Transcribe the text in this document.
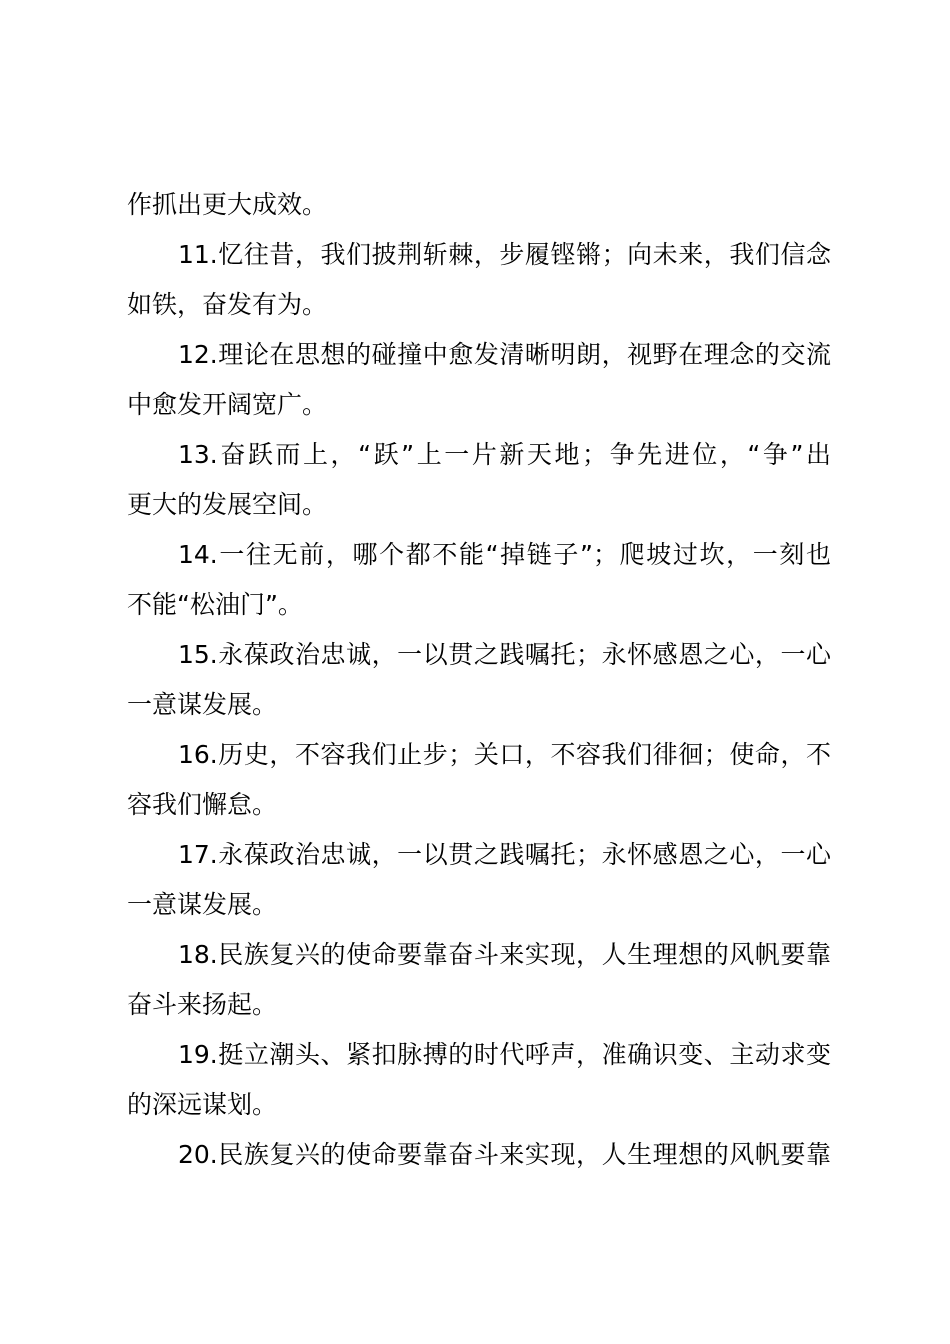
作抓出更大成效。
11.忆往昔，我们披荆斩棘，步履铿锵；向未来，我们信念
如铁，奋发有为。
12.理论在思想的碰撞中愈发清晰明朗，视野在理念的交流
中愈发开阔宽广。
13.奋跃而上，“跃”上一片新天地；争先进位，“争”出
更大的发展空间。
14.一往无前，哪个都不能“掉链子”；爬坡过坎，一刻也
不能“松油门”。
15.永葆政治忠诚，一以贯之践嘱托；永怀感恩之心，一心
一意谋发展。
16.历史，不容我们止步；关口，不容我们徘徊；使命，不
容我们懈怠。
17.永葆政治忠诚，一以贯之践嘱托；永怀感恩之心，一心
一意谋发展。
18.民族复兴的使命要靠奋斗来实现，人生理想的风帆要靠
奋斗来扬起。
19.挺立潮头、紧扣脉搏的时代呼声，准确识变、主动求变
的深远谋划。
20.民族复兴的使命要靠奋斗来实现，人生理想的风帆要靠
